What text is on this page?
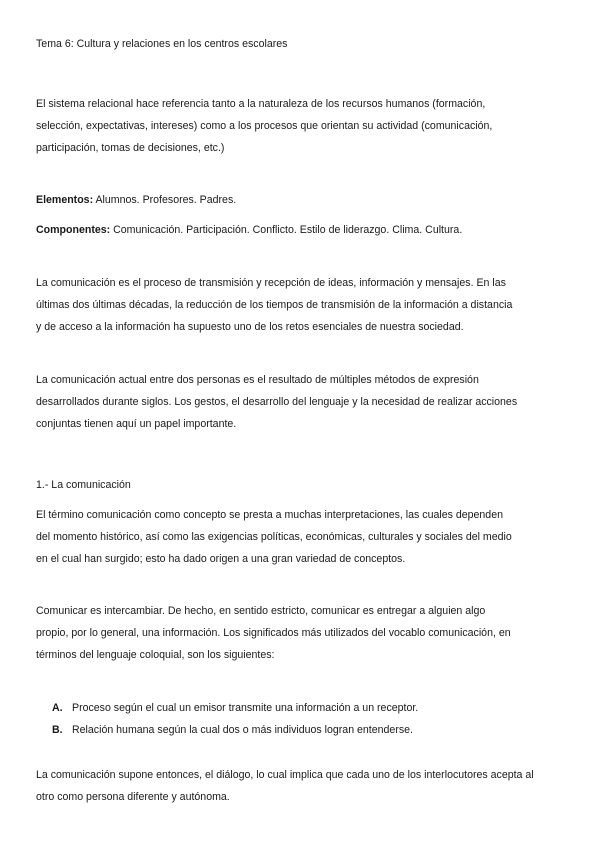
Tema 6: Cultura y relaciones en los centros escolares
El sistema relacional hace referencia tanto a la naturaleza de los recursos humanos (formación,
selección, expectativas, intereses) como a los procesos que orientan su actividad (comunicación,
participación, tomas de decisiones, etc.)
Elementos: Alumnos. Profesores. Padres.
Componentes: Comunicación. Participación. Conflicto. Estilo de liderazgo. Clima. Cultura.
La comunicación es el proceso de transmisión y recepción de ideas, información y mensajes. En las
últimas dos últimas décadas, la reducción de los tiempos de transmisión de la información a distancia
y de acceso a la información ha supuesto uno de los retos esenciales de nuestra sociedad.
La comunicación actual entre dos personas es el resultado de múltiples métodos de expresión
desarrollados durante siglos. Los gestos, el desarrollo del lenguaje y la necesidad de realizar acciones
conjuntas tienen aquí un papel importante.
1.- La comunicación
El término comunicación como concepto se presta a muchas interpretaciones, las cuales dependen
del momento histórico, así como las exigencias políticas, económicas, culturales y sociales del medio
en el cual han surgido; esto ha dado origen a una gran variedad de conceptos.
Comunicar es intercambiar. De hecho, en sentido estricto, comunicar es entregar a alguien algo
propio, por lo general, una información. Los significados más utilizados del vocablo comunicación, en
términos del lenguaje coloquial, son los siguientes:
A. Proceso según el cual un emisor transmite una información a un receptor.
B. Relación humana según la cual dos o más individuos logran entenderse.
La comunicación supone entonces, el diálogo, lo cual implica que cada uno de los interlocutores acepta al
otro como persona diferente y autónoma.
